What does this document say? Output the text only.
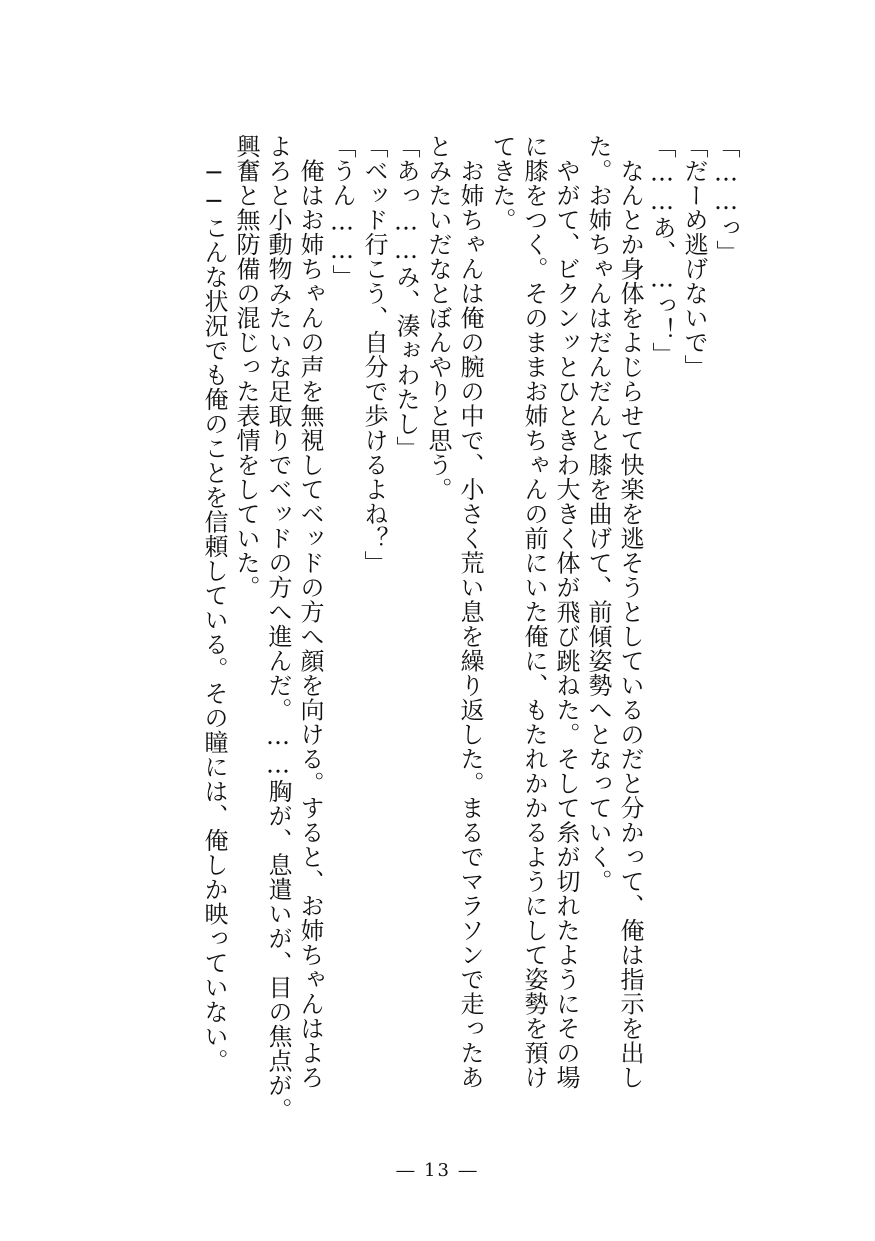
「……っ」
「だーめ逃げないで」
「……あ、…っ！」
　なんとか身体をよじらせて快楽を逃そうとしているのだと分かって、俺は指示を出し
た。お姉ちゃんはだんだんと膝を曲げて、前傾姿勢へとなっていく。
　やがて、ビクンッとひときわ大きく体が飛び跳ねた。そして糸が切れたようにその場
に膝をつく。そのままお姉ちゃんの前にいた俺に、もたれかかるようにして姿勢を預け
てきた。
　お姉ちゃんは俺の腕の中で、小さく荒い息を繰り返した。まるでマラソンで走ったあ
とみたいだなとぼんやりと思う。
「あっ……み、湊ぉわたし」
「ベッド行こう、自分で歩けるよね？」
「うん……」
　俺はお姉ちゃんの声を無視してベッドの方へ顔を向ける。すると、お姉ちゃんはよろ
よろと小動物みたいな足取りでベッドの方へ進んだ。……胸が、息遣いが、目の焦点が。
興奮と無防備の混じった表情をしていた。
　──こんな状況でも俺のことを信頼している。その瞳には、俺しか映っていない。
― 13 ―
